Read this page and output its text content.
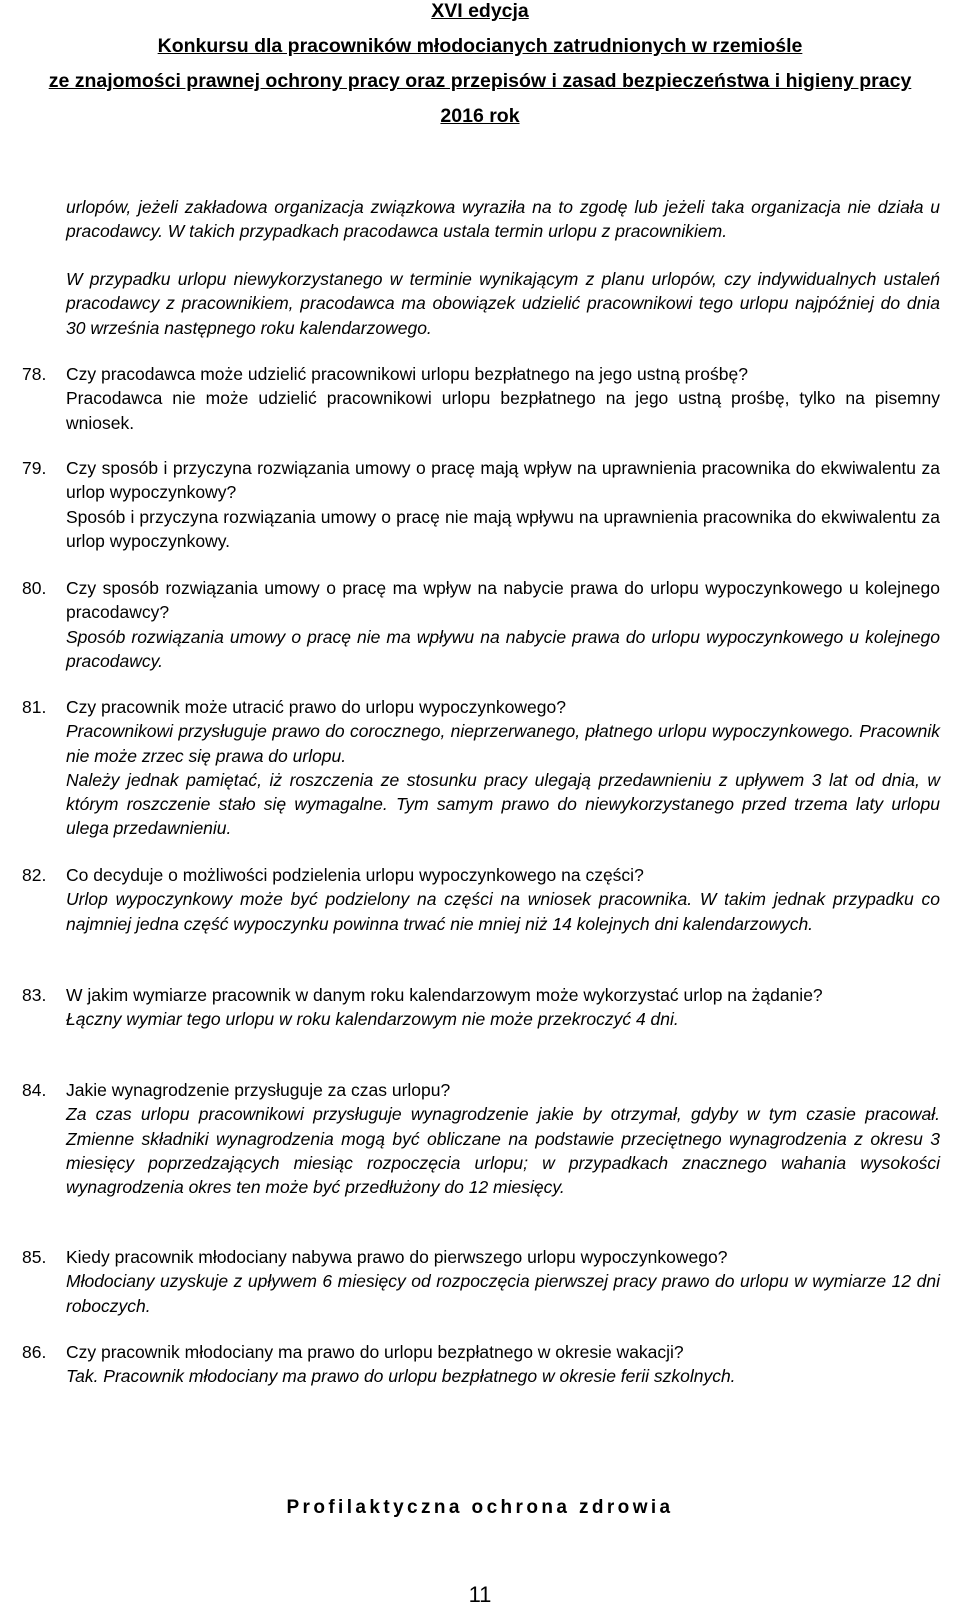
XVI edycja
Konkursu dla pracowników młodocianych zatrudnionych w rzemiośle
ze znajomości prawnej ochrony pracy oraz przepisów i zasad bezpieczeństwa i higieny pracy
2016 rok
urlopów, jeżeli zakładowa organizacja związkowa wyraziła na to zgodę lub jeżeli taka organizacja nie działa u pracodawcy. W takich przypadkach pracodawca ustala termin urlopu z pracownikiem.
W przypadku urlopu niewykorzystanego w terminie wynikającym z planu urlopów, czy indywidualnych ustaleń pracodawcy z pracownikiem, pracodawca ma obowiązek udzielić pracownikowi tego urlopu najpóźniej do dnia 30 września następnego roku kalendarzowego.
78. Czy pracodawca może udzielić pracownikowi urlopu bezpłatnego na jego ustną prośbę?
Pracodawca nie może udzielić pracownikowi urlopu bezpłatnego na jego ustną prośbę, tylko na pisemny wniosek.
79. Czy sposób i przyczyna rozwiązania umowy o pracę mają wpływ na uprawnienia pracownika do ekwiwalentu za urlop wypoczynkowy?
Sposób i przyczyna rozwiązania umowy o pracę nie mają wpływu na uprawnienia pracownika do ekwiwalentu za urlop wypoczynkowy.
80. Czy sposób rozwiązania umowy o pracę ma wpływ na nabycie prawa do urlopu wypoczynkowego u kolejnego pracodawcy?
Sposób rozwiązania umowy o pracę nie ma wpływu na nabycie prawa do urlopu wypoczynkowego u kolejnego pracodawcy.
81. Czy pracownik może utracić prawo do urlopu wypoczynkowego?
Pracownikowi przysługuje prawo do corocznego, nieprzerwanego, płatnego urlopu wypoczynkowego. Pracownik nie może zrzec się prawa do urlopu.
Należy jednak pamiętać, iż roszczenia ze stosunku pracy ulegają przedawnieniu z upływem 3 lat od dnia, w którym roszczenie stało się wymagalne. Tym samym prawo do niewykorzystanego przed trzema laty urlopu ulega przedawnieniu.
82. Co decyduje o możliwości podzielenia urlopu wypoczynkowego na części?
Urlop wypoczynkowy może być podzielony na części na wniosek pracownika. W takim jednak przypadku co najmniej jedna część wypoczynku powinna trwać nie mniej niż 14 kolejnych dni kalendarzowych.
83. W jakim wymiarze pracownik w danym roku kalendarzowym może wykorzystać urlop na żądanie?
Łączny wymiar tego urlopu w roku kalendarzowym nie może przekroczyć 4 dni.
84. Jakie wynagrodzenie przysługuje za czas urlopu?
Za czas urlopu pracownikowi przysługuje wynagrodzenie jakie by otrzymał, gdyby w tym czasie pracował. Zmienne składniki wynagrodzenia mogą być obliczane na podstawie przeciętnego wynagrodzenia z okresu 3 miesięcy poprzedzających miesiąc rozpoczęcia urlopu; w przypadkach znacznego wahania wysokości wynagrodzenia okres ten może być przedłużony do 12 miesięcy.
85. Kiedy pracownik młodociany nabywa prawo do pierwszego urlopu wypoczynkowego?
Młodociany uzyskuje z upływem 6 miesięcy od rozpoczęcia pierwszej pracy prawo do urlopu w wymiarze 12 dni roboczych.
86. Czy pracownik młodociany ma prawo do urlopu bezpłatnego w okresie wakacji?
Tak. Pracownik młodociany ma prawo do urlopu bezpłatnego w okresie ferii szkolnych.
Profilaktyczna ochrona zdrowia
11
